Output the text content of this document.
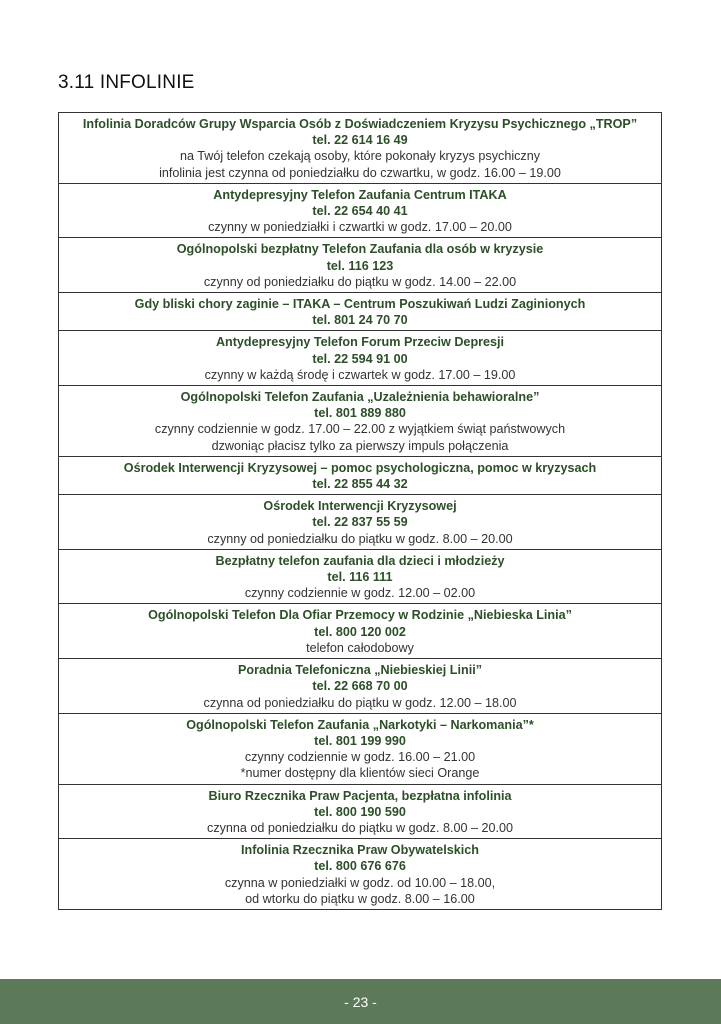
3.11 INFOLINIE
Infolinia Doradców Grupy Wsparcia Osób z Doświadczeniem Kryzysu Psychicznego „TROP”
tel. 22 614 16 49
na Twój telefon czekają osoby, które pokonały kryzys psychiczny
infolinia jest czynna od poniedziałku do czwartku, w godz. 16.00 – 19.00
Antydepresyjny Telefon Zaufania Centrum ITAKA
tel. 22 654 40 41
czynny w poniedziałki i czwartki w godz. 17.00 – 20.00
Ogólnopolski bezpłatny Telefon Zaufania dla osób w kryzysie
tel. 116 123
czynny od poniedziałku do piątku w godz. 14.00 – 22.00
Gdy bliski chory zaginie – ITAKA – Centrum Poszukiwań Ludzi Zaginionych
tel. 801 24 70 70
Antydepresyjny Telefon Forum Przeciw Depresji
tel. 22 594 91 00
czynny w każdą środę i czwartek w godz. 17.00 – 19.00
Ogólnopolski Telefon Zaufania „Uzależnienia behawioralne”
tel. 801 889 880
czynny codziennie w godz. 17.00 – 22.00 z wyjątkiem świąt państwowych
dzwoniąc płacisz tylko za pierwszy impuls połączenia
Ośrodek Interwencji Kryzysowej – pomoc psychologiczna, pomoc w kryzysach
tel. 22 855 44 32
Ośrodek Interwencji Kryzysowej
tel. 22 837 55 59
czynny od poniedziałku do piątku w godz. 8.00 – 20.00
Bezpłatny telefon zaufania dla dzieci i młodzieży
tel. 116 111
czynny codziennie w godz. 12.00 – 02.00
Ogólnopolski Telefon Dla Ofiar Przemocy w Rodzinie „Niebieska Linia”
tel. 800 120 002
telefon całodobowy
Poradnia Telefoniczna „Niebieskiej Linii”
tel. 22 668 70 00
czynna od poniedziałku do piątku w godz. 12.00 – 18.00
Ogólnopolski Telefon Zaufania „Narkotyki – Narkomania”*
tel. 801 199 990
czynny codziennie w godz. 16.00 – 21.00
*numer dostępny dla klientów sieci Orange
Biuro Rzecznika Praw Pacjenta, bezpłatna infolinia
tel. 800 190 590
czynna od poniedziałku do piątku w godz. 8.00 – 20.00
Infolinia Rzecznika Praw Obywatelskich
tel. 800 676 676
czynna w poniedziałki w godz. od 10.00 – 18.00,
od wtorku do piątku w godz. 8.00 – 16.00
- 23 -
